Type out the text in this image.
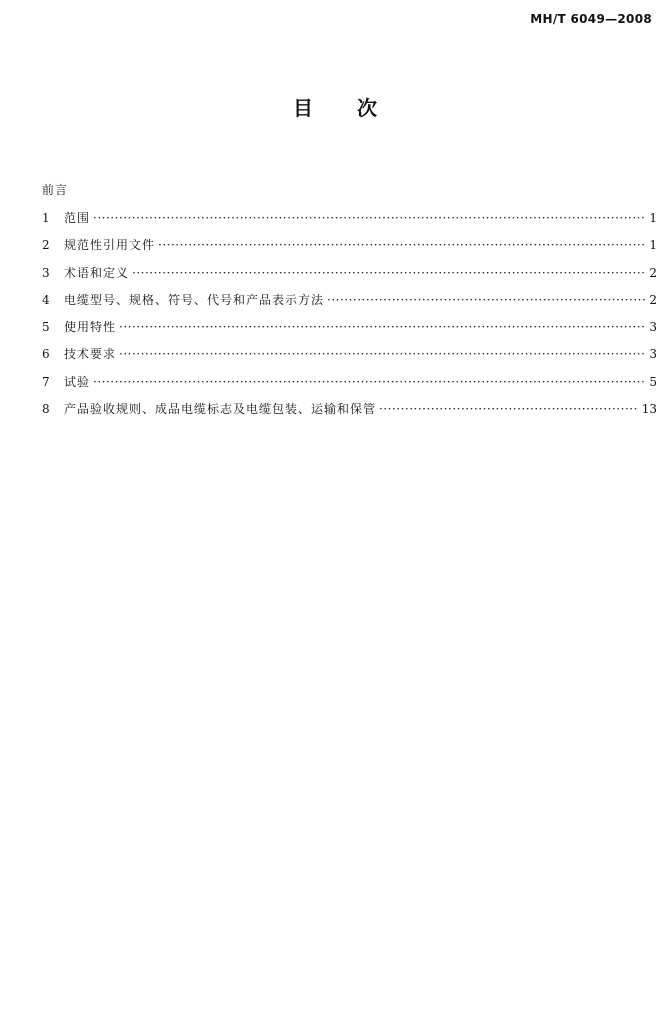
MH/T 6049—2008
目 次
前言
1	范围 ·····	1
2	规范性引用文件 ·····	1
3	术语和定义 ·····	2
4	电缆型号、规格、符号、代号和产品表示方法 ·····	2
5	使用特性 ·····	3
6	技术要求 ·····	3
7	试验 ·····	5
8	产品验收规则、成品电缆标志及电缆包装、运输和保管 ·····	13
